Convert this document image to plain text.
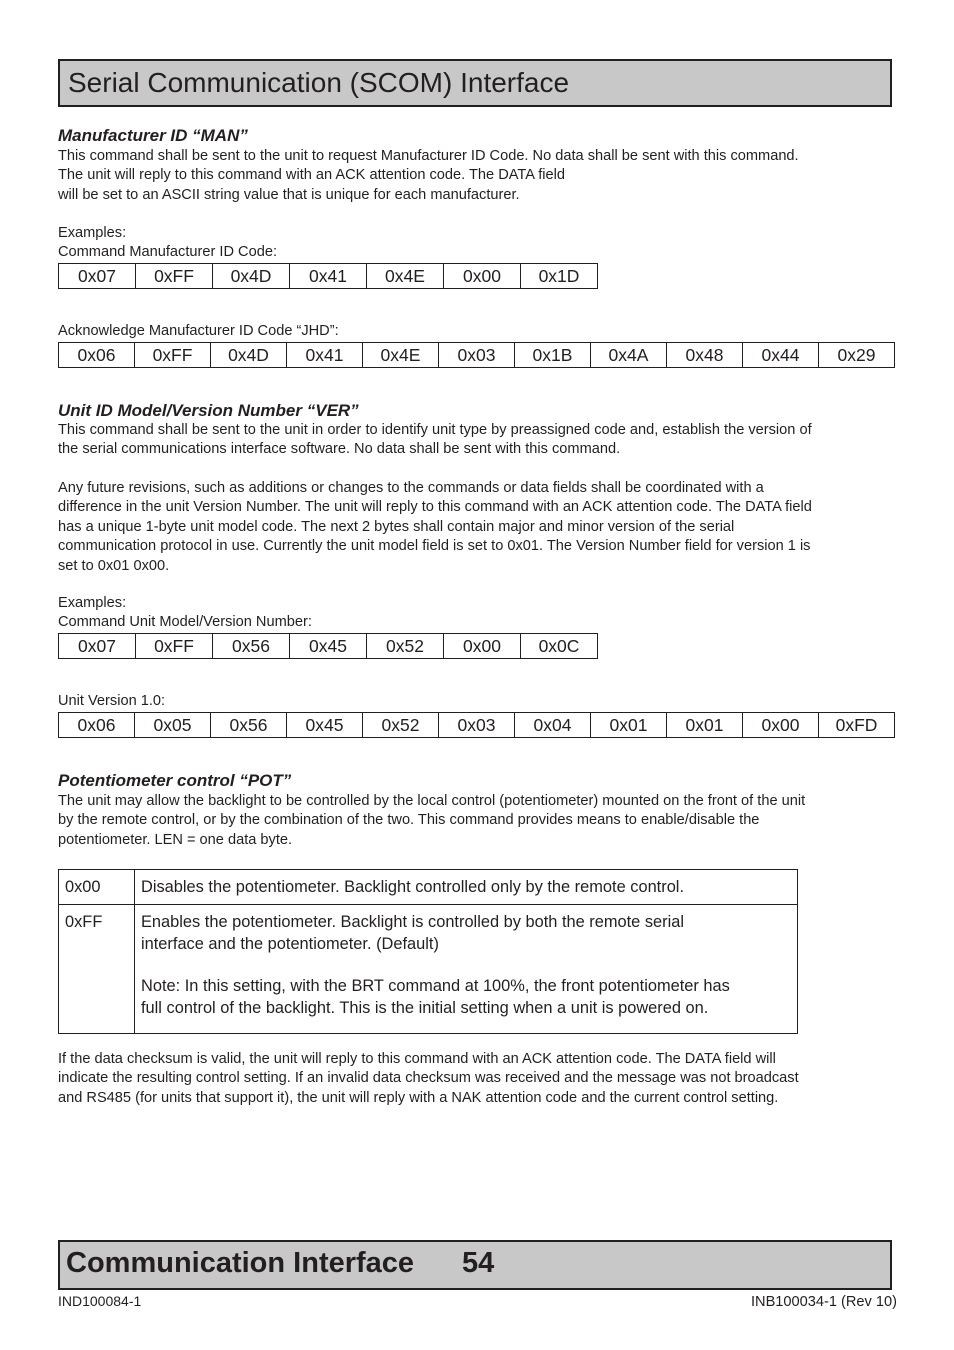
Serial Communication (SCOM) Interface
Manufacturer ID “MAN”
This command shall be sent to the unit to request Manufacturer ID Code. No data shall be sent with this command.
The unit will reply to this command with an ACK attention code. The DATA field
will be set to an ASCII string value that is unique for each manufacturer.
Examples:
Command Manufacturer ID Code:
0x07	0xFF	0x4D	0x41	0x4E	0x00	0x1D
Acknowledge Manufacturer ID Code “JHD”:
0x06	0xFF	0x4D	0x41	0x4E	0x03	0x1B	0x4A	0x48	0x44	0x29
Unit ID Model/Version Number “VER”
This command shall be sent to the unit in order to identify unit type by preassigned code and, establish the version of
the serial communications interface software. No data shall be sent with this command.
Any future revisions, such as additions or changes to the commands or data fields shall be coordinated with a
difference in the unit Version Number. The unit will reply to this command with an ACK attention code. The DATA field
has a unique 1-byte unit model code. The next 2 bytes shall contain major and minor version of the serial
communication protocol in use. Currently the unit model field is set to 0x01. The Version Number field for version 1 is
set to 0x01 0x00.
Examples:
Command Unit Model/Version Number:
0x07	0xFF	0x56	0x45	0x52	0x00	0x0C
Unit Version 1.0:
0x06	0x05	0x56	0x45	0x52	0x03	0x04	0x01	0x01	0x00	0xFD
Potentiometer control “POT”
The unit may allow the backlight to be controlled by the local control (potentiometer) mounted on the front of the unit
by the remote control, or by the combination of the two. This command provides means to enable/disable the
potentiometer. LEN = one data byte.
0x00	Disables the potentiometer. Backlight controlled only by the remote control.
0xFF	Enables the potentiometer. Backlight is controlled by both the remote serial
interface and the potentiometer. (Default)
Note: In this setting, with the BRT command at 100%, the front potentiometer has
full control of the backlight. This is the initial setting when a unit is powered on.
If the data checksum is valid, the unit will reply to this command with an ACK attention code. The DATA field will
indicate the resulting control setting. If an invalid data checksum was received and the message was not broadcast
and RS485 (for units that support it), the unit will reply with a NAK attention code and the current control setting.
Communication Interface 54
IND100084-1	INB100034-1 (Rev 10)
